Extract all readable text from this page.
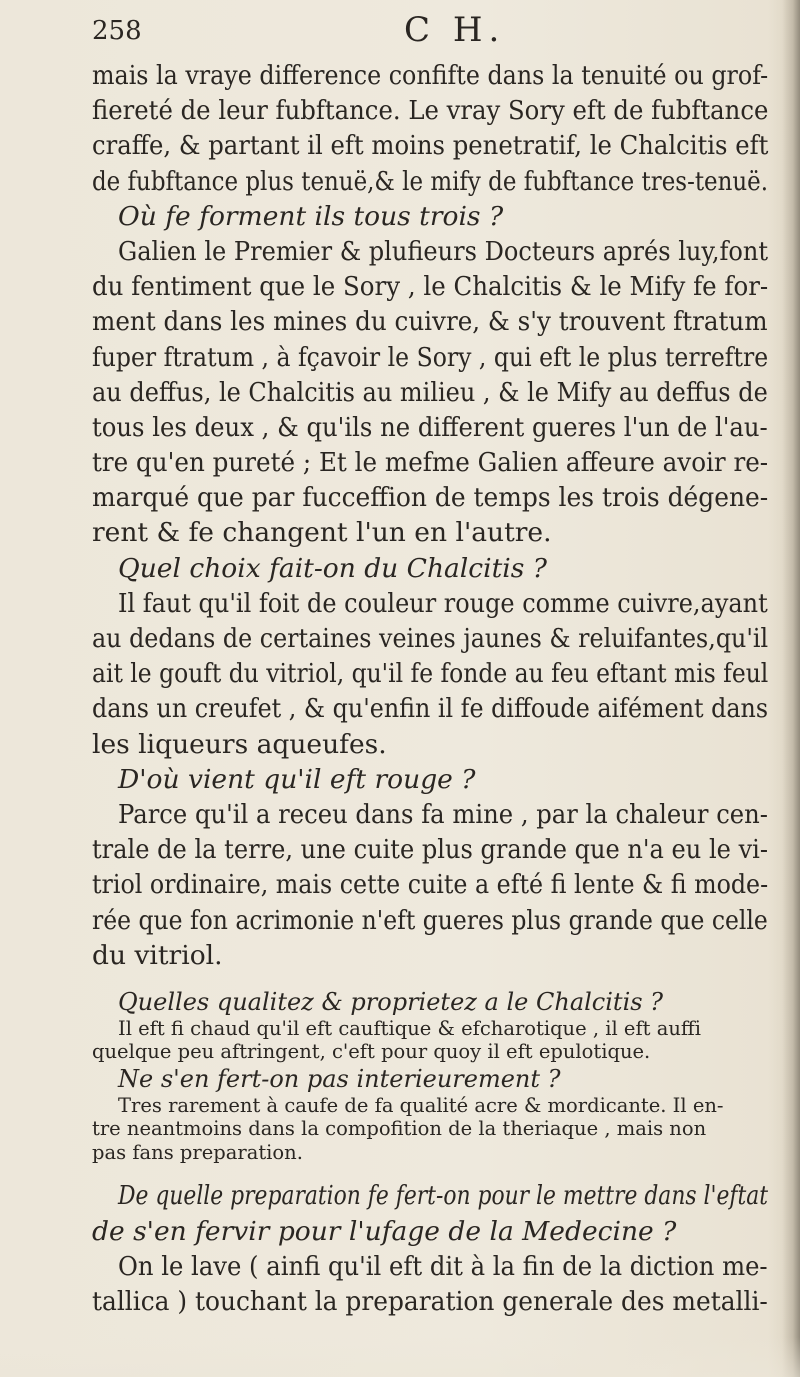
258	C H.
mais la vraye difference confifte dans la tenuité ou grof-
fiereté de leur fubftance. Le vray Sory eft de fubftance
craffe, & partant il eft moins penetratif, le Chalcitis eft
de fubftance plus tenuë,& le mify de fubftance tres-tenuë.
Où fe forment ils tous trois ?
Galien le Premier & plufieurs Docteurs aprés luy,font
du fentiment que le Sory , le Chalcitis & le Mify fe for-
ment dans les mines du cuivre, & s'y trouvent ftratum
fuper ftratum , à fçavoir le Sory , qui eft le plus terreftre
au deffus, le Chalcitis au milieu , & le Mify au deffus de
tous les deux , & qu'ils ne different gueres l'un de l'au-
tre qu'en pureté ; Et le mefme Galien affeure avoir re-
marqué que par fucceffion de temps les trois dégene-
rent & fe changent l'un en l'autre.
Quel choix fait-on du Chalcitis ?
Il faut qu'il foit de couleur rouge comme cuivre,ayant
au dedans de certaines veines jaunes & reluifantes,qu'il
ait le gouft du vitriol, qu'il fe fonde au feu eftant mis feul
dans un creufet , & qu'enfin il fe diffoude aifément dans
les liqueurs aqueufes.
D'où vient qu'il eft rouge ?
Parce qu'il a receu dans fa mine , par la chaleur cen-
trale de la terre, une cuite plus grande que n'a eu le vi-
triol ordinaire, mais cette cuite a efté fi lente & fi mode-
rée que fon acrimonie n'eft gueres plus grande que celle
du vitriol.
Quelles qualitez & proprietez a le Chalcitis ?
Il eft fi chaud qu'il eft cauftique & efcharotique , il eft auffi
quelque peu aftringent, c'eft pour quoy il eft epulotique.
Ne s'en fert-on pas interieurement ?
Tres rarement à caufe de fa qualité acre & mordicante. Il en-
tre neantmoins dans la compofition de la theriaque , mais non
pas fans preparation.
De quelle preparation fe fert-on pour le mettre dans l'eftat
de s'en fervir pour l'ufage de la Medecine ?
On le lave ( ainfi qu'il eft dit à la fin de la diction me-
tallica ) touchant la preparation generale des metalli-
